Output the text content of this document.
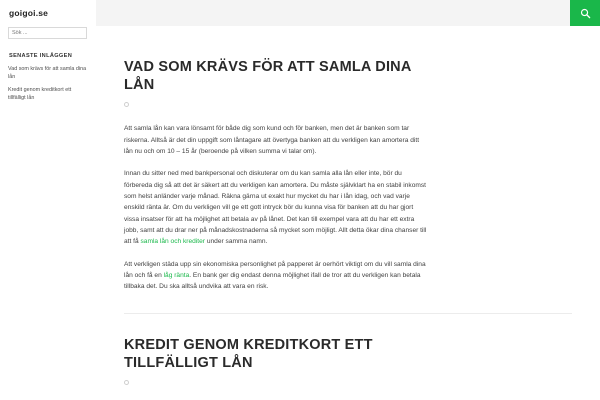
goigoi.se
Sök ...
SENASTE INLÄGGEN
Vad som krävs för att samla dina lån
Kredit genom kreditkort ett tillfälligt lån
VAD SOM KRÄVS FÖR ATT SAMLA DINA LÅN

Att samla lån kan vara lönsamt för både dig som kund och för banken, men det är banken som tar riskerna. Alltså är det din uppgift som låntagare att övertyga banken att du verkligen kan amortera ditt lån nu och om 10 – 15 år (beroende på vilken summa vi talar om).

Innan du sitter ned med bankpersonal och diskuterar om du kan samla alla lån eller inte, bör du förbereda dig så att det är säkert att du verkligen kan amortera. Du måste självklart ha en stabil inkomst som helst anländer varje månad. Räkna gärna ut exakt hur mycket du har i lån idag, och vad varje enskild ränta är. Om du verkligen vill ge ett gott intryck bör du kunna visa för banken att du har gjort vissa insatser för att ha möjlighet att betala av på lånet. Det kan till exempel vara att du har ett extra jobb, samt att du drar ner på månadskostnaderna så mycket som möjligt. Allt detta ökar dina chanser till att få samla lån och krediter under samma namn.

Att verkligen städa upp sin ekonomiska personlighet på papperet är oerhört viktigt om du vill samla dina lån och få en låg ränta. En bank ger dig endast denna möjlighet ifall de tror att du verkligen kan betala tillbaka det. Du ska alltså undvika att vara en risk.

KREDIT GENOM KREDITKORT ETT TILLFÄLLIGT LÅN
